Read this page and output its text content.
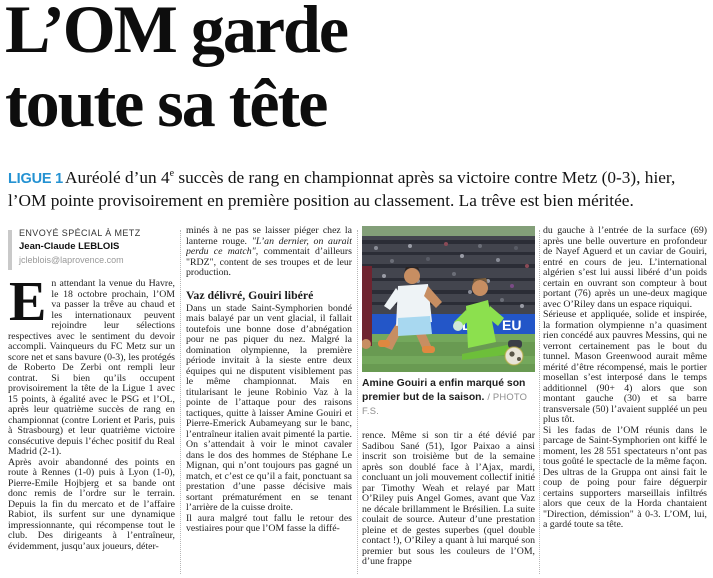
L’OM garde
toute sa tête

LIGUE 1 Auréolé d’un 4e succès de rang en championnat après sa victoire contre Metz (0-3), hier, l’OM pointe provisoirement en première position au classement. La trêve est bien méritée.

ENVOYÉ SPÉCIAL À METZ
Jean-Claude LEBLOIS
jcleblois@laprovence.com

En attendant la venue du Havre, le 18 octobre prochain, l’OM va passer la trêve au chaud et les internationaux peuvent rejoindre leur sélections respectives avec le sentiment du devoir accompli. Vainqueurs du FC Metz sur un score net et sans bavure (0-3), les protégés de Roberto De Zerbi ont rempli leur contrat. Si bien qu’ils occupent provisoirement la tête de la Ligue 1 avec 15 points, à égalité avec le PSG et l’OL, après leur quatrième succès de rang en championnat (contre Lorient et Paris, puis à Strasbourg) et leur quatrième victoire consécutive depuis l’échec positif du Real Madrid (2-1).

Après avoir abandonné des points en route à Rennes (1-0) puis à Lyon (1-0), Pierre-Emile Hojbjerg et sa bande ont donc remis de l’ordre sur le terrain. Depuis la fin du mercato et de l’affaire Rabiot, ils surfent sur une dynamique impressionnante, qui récompense tout le club. Des dirigeants à l’entraîneur, évidemment, jusqu’aux joueurs, déter-

minés à ne pas se laisser piéger chez la lanterne rouge. "L’an dernier, on aurait perdu ce match", commentait d’ailleurs "RDZ", content de ses troupes et de leur production.

Vaz délivré, Gouiri libéré

Dans un stade Saint-Symphorien bondé mais balayé par un vent glacial, il fallait toutefois une bonne dose d’abnégation pour ne pas piquer du nez. Malgré la domination olympienne, la première période invitait à la sieste entre deux équipes qui ne disputent visiblement pas le même championnat. Mais en titularisant le jeune Robinio Vaz à la pointe de l’attaque pour des raisons tactiques, quitte à laisser Amine Gouiri et Pierre-Emerick Aubameyang sur le banc, l’entraîneur italien avait pimenté la partie. On s’attendait à voir le minot cavaler dans le dos des hommes de Stéphane Le Mignan, qui n’ont toujours pas gagné un match, et c’est ce qu’il a fait, ponctuant sa prestation d’une passe décisive mais sortant prématurément en se tenant l’arrière de la cuisse droite.

Il aura malgré tout fallu le retour des vestiaires pour que l’OM fasse la diffé-

EU

Amine Gouiri a enfin marqué son premier but de la saison. / PHOTO F.S.

rence. Même si son tir a été dévié par Sadibou Sané (51), Igor Paixao a ainsi inscrit son troisième but de la semaine après son doublé face à l’Ajax, mardi, concluant un joli mouvement collectif initié par Timothy Weah et relayé par Matt O’Riley puis Angel Gomes, avant que Vaz ne décale brillamment le Brésilien. La suite coulait de source. Auteur d’une prestation pleine et de gestes superbes (quel double contact !), O’Riley a quant à lui marqué son premier but sous les couleurs de l’OM, d’une frappe

du gauche à l’entrée de la surface (69) après une belle ouverture en profondeur de Nayef Aguerd et un caviar de Gouiri, entré en cours de jeu. L’international algérien s’est lui aussi libéré d’un poids certain en ouvrant son compteur à bout portant (76) après un une-deux magique avec O’Riley dans un espace riquiqui.

Sérieuse et appliquée, solide et inspirée, la formation olympienne n’a quasiment rien concédé aux pauvres Messins, qui ne verront certainement pas le bout du tunnel. Mason Greenwood aurait même mérité d’être récompensé, mais le portier mosellan s’est interposé dans le temps additionnel (90+ 4) alors que son montant gauche (30) et sa barre transversale (50) l’avaient suppléé un peu plus tôt.

Si les fadas de l’OM réunis dans le parcage de Saint-Symphorien ont kiffé le moment, les 28 551 spectateurs n’ont pas tous goûté le spectacle de la même façon. Des ultras de la Gruppa ont ainsi fait le coup de poing pour faire déguerpir certains supporters marseillais infiltrés alors que ceux de la Horda chantaient "Direction, démission" à 0-3. L’OM, lui, a gardé toute sa tête.
